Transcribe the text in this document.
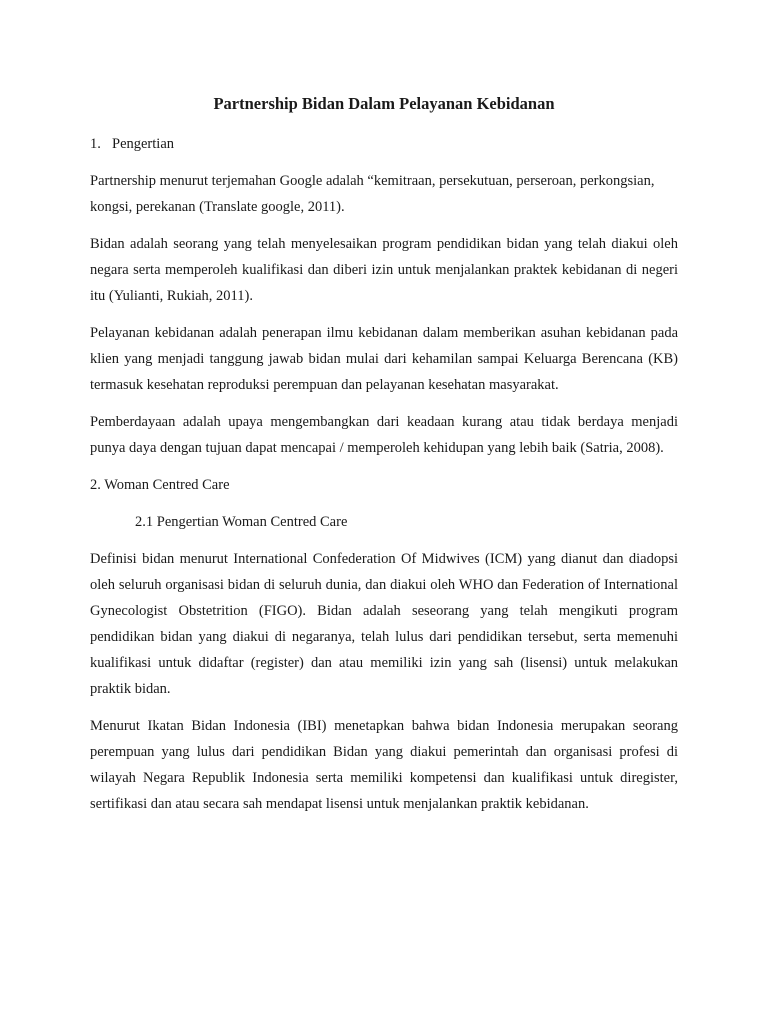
Partnership Bidan Dalam Pelayanan Kebidanan
1. Pengertian

Partnership menurut terjemahan Google adalah “kemitraan, persekutuan, perseroan, perkongsian, kongsi, perekanan (Translate google, 2011).

Bidan adalah seorang yang telah menyelesaikan program pendidikan bidan yang telah diakui oleh negara serta memperoleh kualifikasi dan diberi izin untuk menjalankan praktek kebidanan di negeri itu (Yulianti, Rukiah, 2011).

Pelayanan kebidanan adalah penerapan ilmu kebidanan dalam memberikan asuhan kebidanan pada klien yang menjadi tanggung jawab bidan mulai dari kehamilan sampai Keluarga Berencana (KB) termasuk kesehatan reproduksi perempuan dan pelayanan kesehatan masyarakat.

Pemberdayaan adalah upaya mengembangkan dari keadaan kurang atau tidak berdaya menjadi punya daya dengan tujuan dapat mencapai / memperoleh kehidupan yang lebih baik (Satria, 2008).

2. Woman Centred Care
2.1 Pengertian Woman Centred Care

Definisi bidan menurut International Confederation Of Midwives (ICM) yang dianut dan diadopsi oleh seluruh organisasi bidan di seluruh dunia, dan diakui oleh WHO dan Federation of International Gynecologist Obstetrition (FIGO). Bidan adalah seseorang yang telah mengikuti program pendidikan bidan yang diakui di negaranya, telah lulus dari pendidikan tersebut, serta memenuhi kualifikasi untuk didaftar (register) dan atau memiliki izin yang sah (lisensi) untuk melakukan praktik bidan.

Menurut Ikatan Bidan Indonesia (IBI) menetapkan bahwa bidan Indonesia merupakan seorang perempuan yang lulus dari pendidikan Bidan yang diakui pemerintah dan organisasi profesi di wilayah Negara Republik Indonesia serta memiliki kompetensi dan kualifikasi untuk diregister, sertifikasi dan atau secara sah mendapat lisensi untuk menjalankan praktik kebidanan.
